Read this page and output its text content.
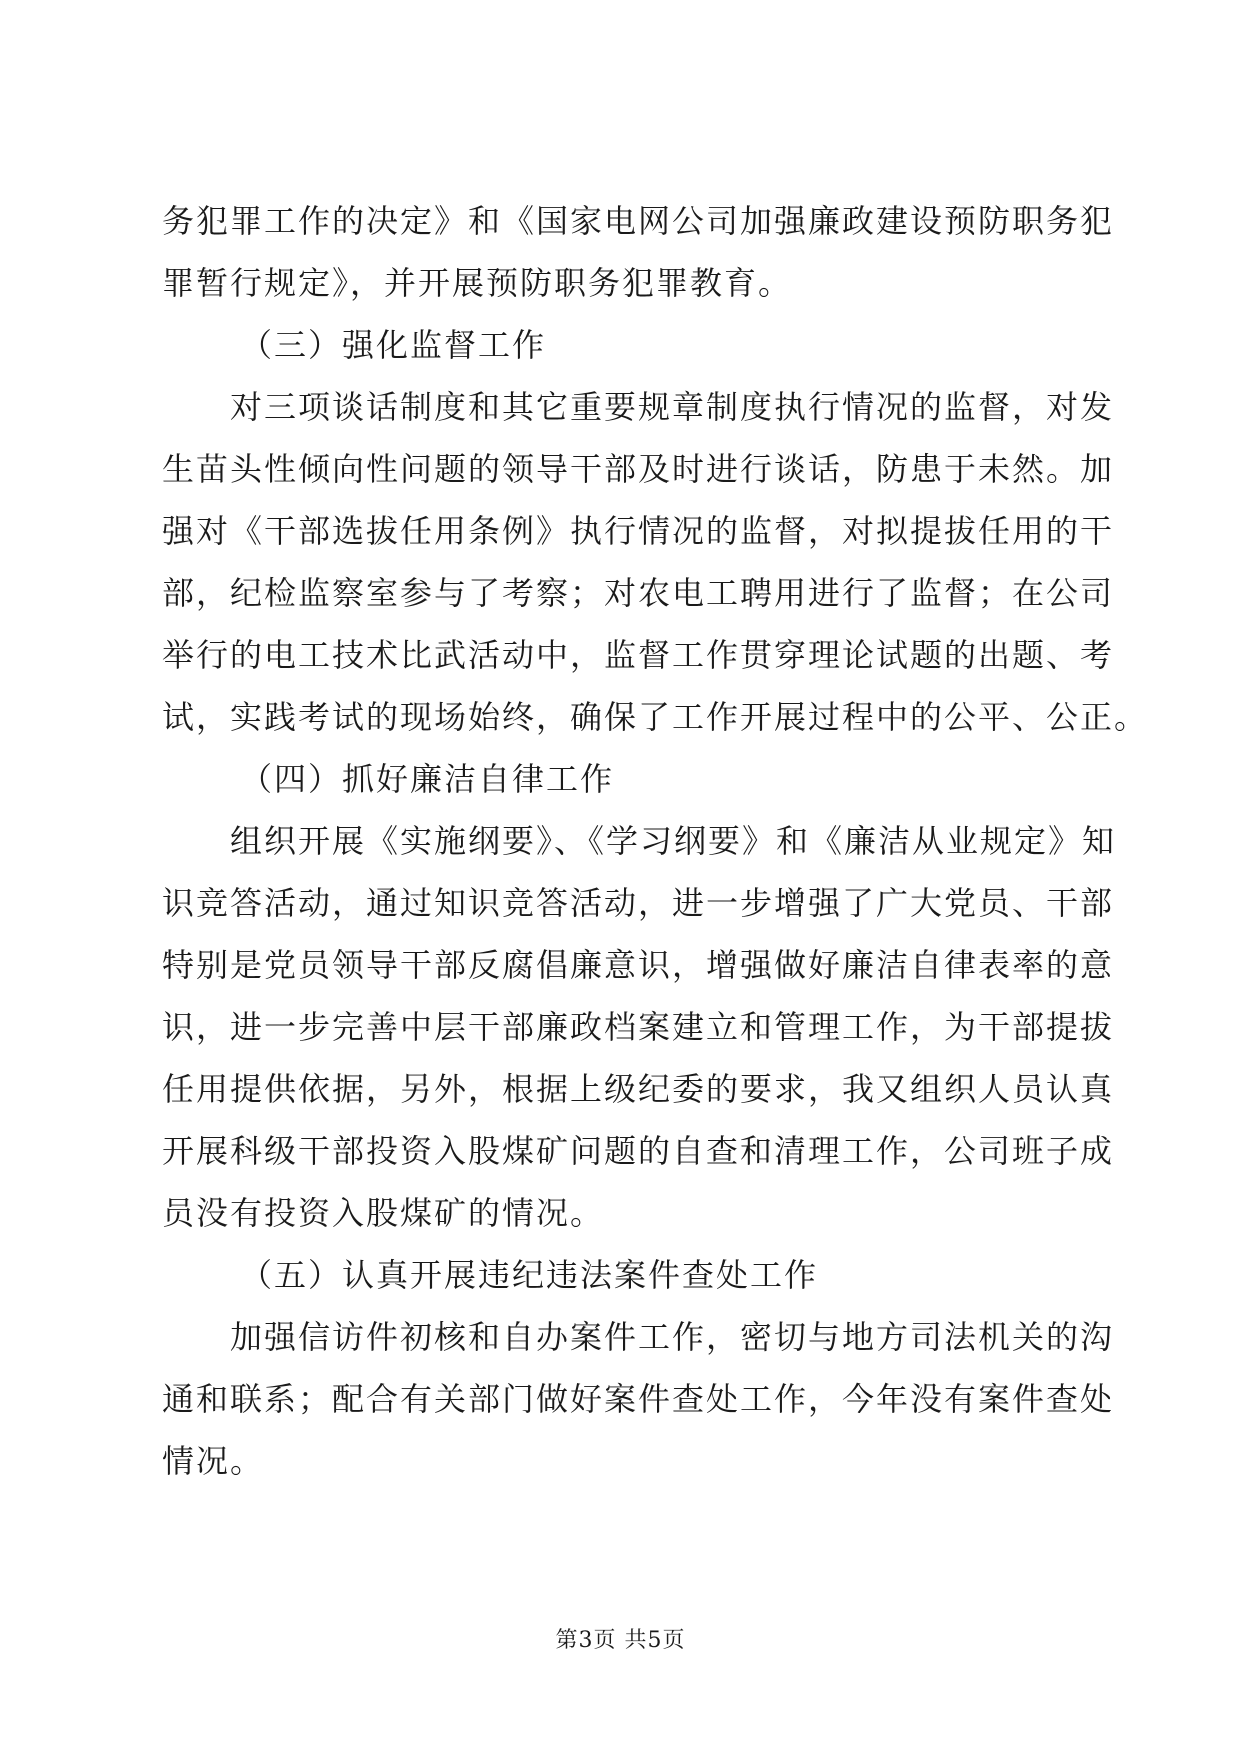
务犯罪工作的决定》和《国家电网公司加强廉政建设预防职务犯
罪暂行规定》，并开展预防职务犯罪教育。
（三）强化监督工作
对三项谈话制度和其它重要规章制度执行情况的监督，对发
生苗头性倾向性问题的领导干部及时进行谈话，防患于未然。加
强对《干部选拔任用条例》执行情况的监督，对拟提拔任用的干
部，纪检监察室参与了考察；对农电工聘用进行了监督；在公司
举行的电工技术比武活动中，监督工作贯穿理论试题的出题、考
试，实践考试的现场始终，确保了工作开展过程中的公平、公正。
（四）抓好廉洁自律工作
组织开展《实施纲要》、《学习纲要》和《廉洁从业规定》知
识竞答活动，通过知识竞答活动，进一步增强了广大党员、干部
特别是党员领导干部反腐倡廉意识，增强做好廉洁自律表率的意
识，进一步完善中层干部廉政档案建立和管理工作，为干部提拔
任用提供依据，另外，根据上级纪委的要求，我又组织人员认真
开展科级干部投资入股煤矿问题的自查和清理工作，公司班子成
员没有投资入股煤矿的情况。
（五）认真开展违纪违法案件查处工作
加强信访件初核和自办案件工作，密切与地方司法机关的沟
通和联系；配合有关部门做好案件查处工作，今年没有案件查处
情况。
第3页 共5页
